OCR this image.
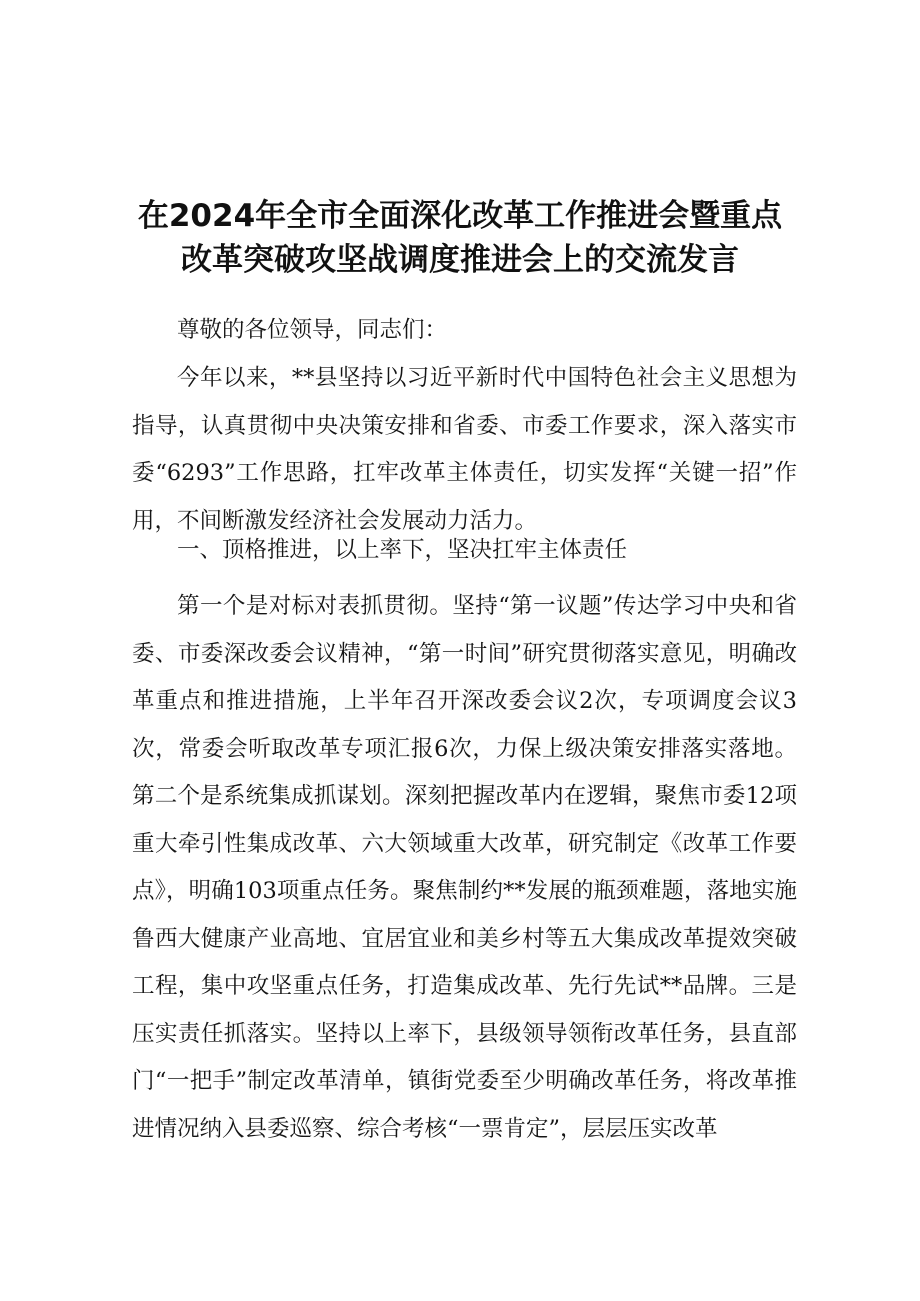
在2024年全市全面深化改革工作推进会暨重点
改革突破攻坚战调度推进会上的交流发言

尊敬的各位领导，同志们：

今年以来，**县坚持以习近平新时代中国特色社会主义思想为指导，认真贯彻中央决策安排和省委、市委工作要求，深入落实市委“6293”工作思路，扛牢改革主体责任，切实发挥“关键一招”作用，不间断激发经济社会发展动力活力。

一、顶格推进，以上率下，坚决扛牢主体责任

第一个是对标对表抓贯彻。坚持“第一议题”传达学习中央和省委、市委深改委会议精神，“第一时间”研究贯彻落实意见，明确改革重点和推进措施，上半年召开深改委会议2次，专项调度会议3次，常委会听取改革专项汇报6次，力保上级决策安排落实落地。第二个是系统集成抓谋划。深刻把握改革内在逻辑，聚焦市委12项重大牵引性集成改革、六大领域重大改革，研究制定《改革工作要点》，明确103项重点任务。聚焦制约**发展的瓶颈难题，落地实施鲁西大健康产业高地、宜居宜业和美乡村等五大集成改革提效突破工程，集中攻坚重点任务，打造集成改革、先行先试**品牌。三是压实责任抓落实。坚持以上率下，县级领导领衔改革任务，县直部门“一把手”制定改革清单，镇街党委至少明确改革任务，将改革推进情况纳入县委巡察、综合考核“一票肯定”，层层压实改革
